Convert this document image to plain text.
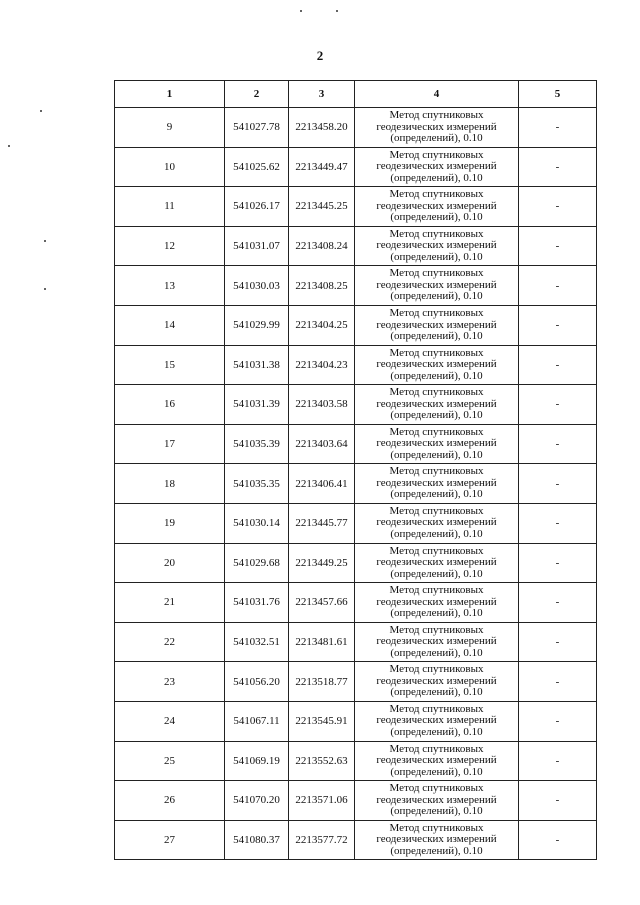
2
1	2	3	4	5
9	541027.78	2213458.20	Метод спутниковых
геодезических измерений
(определений), 0.10	-
10	541025.62	2213449.47	Метод спутниковых
геодезических измерений
(определений), 0.10	-
11	541026.17	2213445.25	Метод спутниковых
геодезических измерений
(определений), 0.10	-
12	541031.07	2213408.24	Метод спутниковых
геодезических измерений
(определений), 0.10	-
13	541030.03	2213408.25	Метод спутниковых
геодезических измерений
(определений), 0.10	-
14	541029.99	2213404.25	Метод спутниковых
геодезических измерений
(определений), 0.10	-
15	541031.38	2213404.23	Метод спутниковых
геодезических измерений
(определений), 0.10	-
16	541031.39	2213403.58	Метод спутниковых
геодезических измерений
(определений), 0.10	-
17	541035.39	2213403.64	Метод спутниковых
геодезических измерений
(определений), 0.10	-
18	541035.35	2213406.41	Метод спутниковых
геодезических измерений
(определений), 0.10	-
19	541030.14	2213445.77	Метод спутниковых
геодезических измерений
(определений), 0.10	-
20	541029.68	2213449.25	Метод спутниковых
геодезических измерений
(определений), 0.10	-
21	541031.76	2213457.66	Метод спутниковых
геодезических измерений
(определений), 0.10	-
22	541032.51	2213481.61	Метод спутниковых
геодезических измерений
(определений), 0.10	-
23	541056.20	2213518.77	Метод спутниковых
геодезических измерений
(определений), 0.10	-
24	541067.11	2213545.91	Метод спутниковых
геодезических измерений
(определений), 0.10	-
25	541069.19	2213552.63	Метод спутниковых
геодезических измерений
(определений), 0.10	-
26	541070.20	2213571.06	Метод спутниковых
геодезических измерений
(определений), 0.10	-
27	541080.37	2213577.72	Метод спутниковых
геодезических измерений
(определений), 0.10	-
